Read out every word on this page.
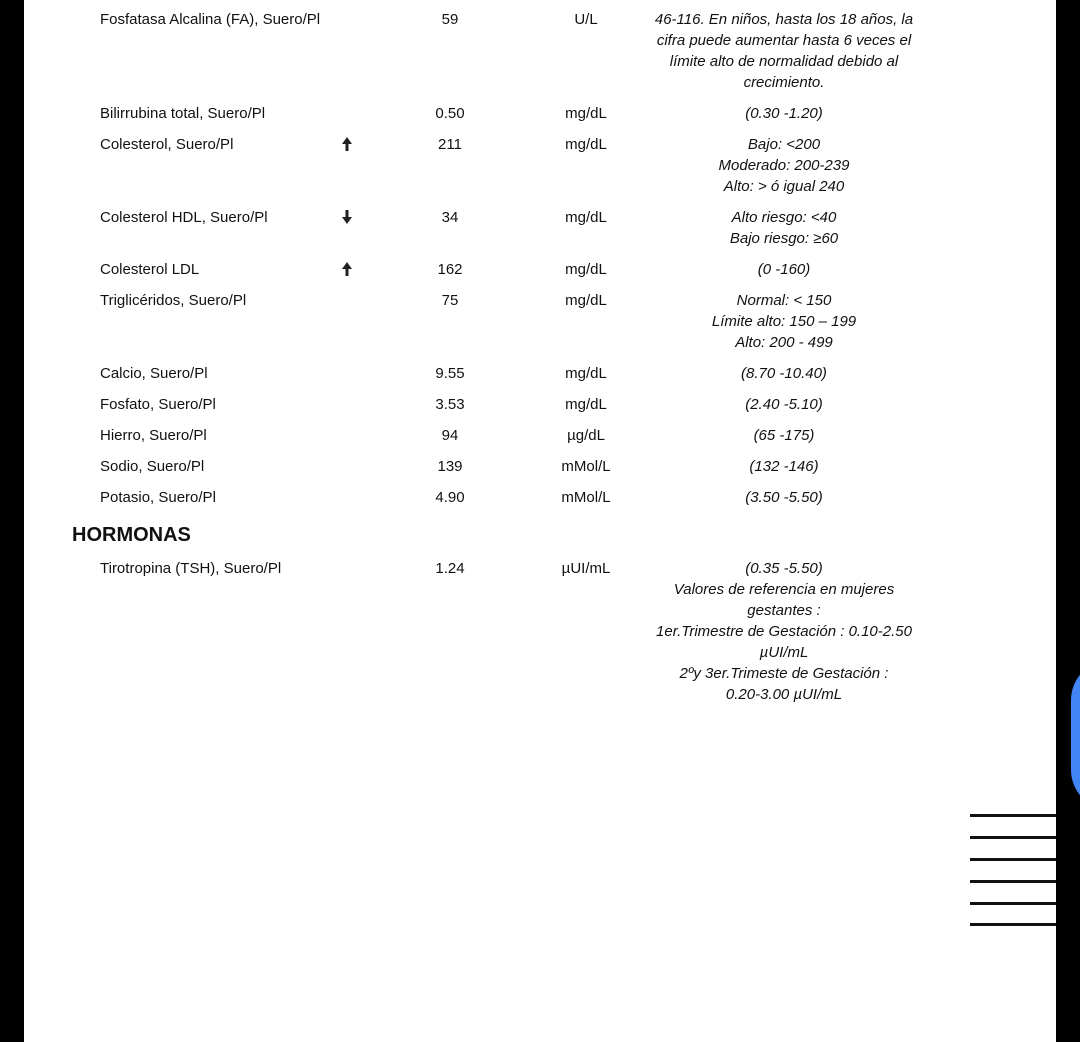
Fosfatasa Alcalina (FA), Suero/Pl	59	U/L	46-116. En niños, hasta los 18 años, la
cifra puede aumentar hasta 6 veces el
límite alto de normalidad debido al
crecimiento.
Bilirrubina total, Suero/Pl	0.50	mg/dL	(0.30 -1.20)
Colesterol, Suero/Pl	211	mg/dL	Bajo: <200
Moderado: 200-239
Alto: > ó igual 240
Colesterol HDL, Suero/Pl	34	mg/dL	Alto riesgo: <40
Bajo riesgo: ≥60
Colesterol LDL	162	mg/dL	(0 -160)
Triglicéridos, Suero/Pl	75	mg/dL	Normal: < 150
Límite alto: 150 – 199
Alto: 200 - 499
Calcio, Suero/Pl	9.55	mg/dL	(8.70 -10.40)
Fosfato, Suero/Pl	3.53	mg/dL	(2.40 -5.10)
Hierro, Suero/Pl	94	µg/dL	(65 -175)
Sodio, Suero/Pl	139	mMol/L	(132 -146)
Potasio, Suero/Pl	4.90	mMol/L	(3.50 -5.50)
HORMONAS
Tirotropina (TSH), Suero/Pl	1.24	µUI/mL	(0.35 -5.50)
Valores de referencia en mujeres
gestantes :
1er.Trimestre de Gestación : 0.10-2.50
µUI/mL
2ºy 3er.Trimeste de Gestación :
0.20-3.00 µUI/mL
